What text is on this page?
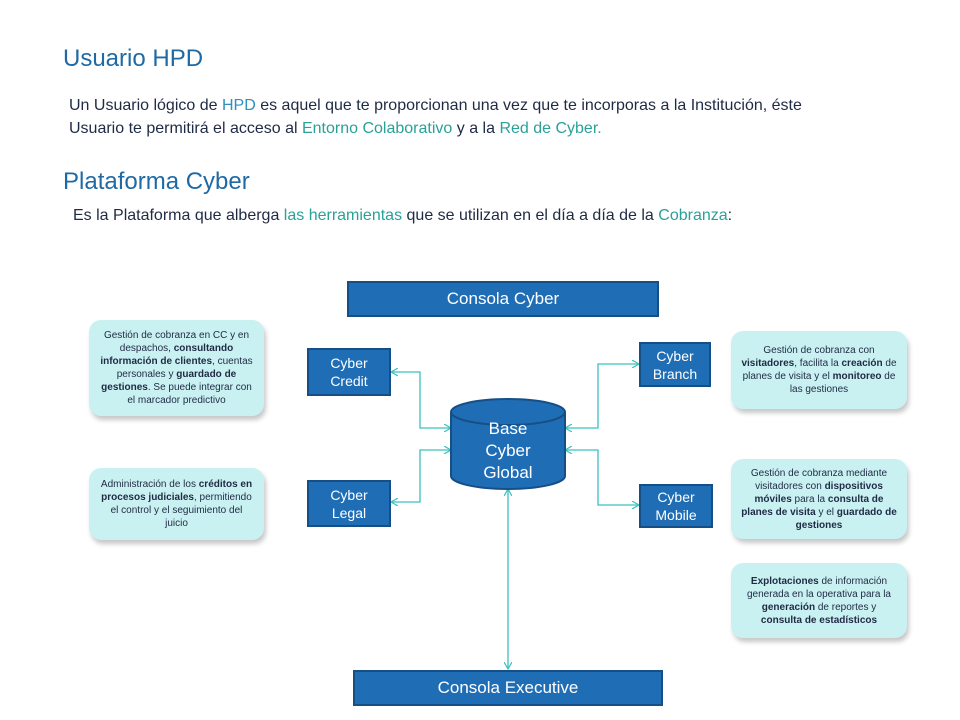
Usuario HPD
Un Usuario lógico de HPD es aquel que te proporcionan una vez que te incorporas a la Institución, éste
Usuario te permitirá el acceso al Entorno Colaborativo y a la Red de Cyber.
Plataforma Cyber
Es la Plataforma que alberga las herramientas que se utilizan en el día a día de la Cobranza:
Base
Cyber
Global
Consola Cyber
Consola Executive
Cyber
Credit
Cyber
Legal
Cyber
Branch
Cyber
Mobile
Gestión de cobranza en CC y en despachos, consultando información de clientes, cuentas personales y guardado de gestiones. Se puede integrar con el marcador predictivo
Administración de los créditos en procesos judiciales, permitiendo el control y el seguimiento del juicio
Gestión de cobranza con visitadores, facilita la creación de planes de visita y el monitoreo de las gestiones
Gestión de cobranza mediante visitadores con dispositivos móviles para la consulta de planes de visita y el guardado de gestiones
Explotaciones de información generada en la operativa para la generación de reportes y consulta de estadísticos
